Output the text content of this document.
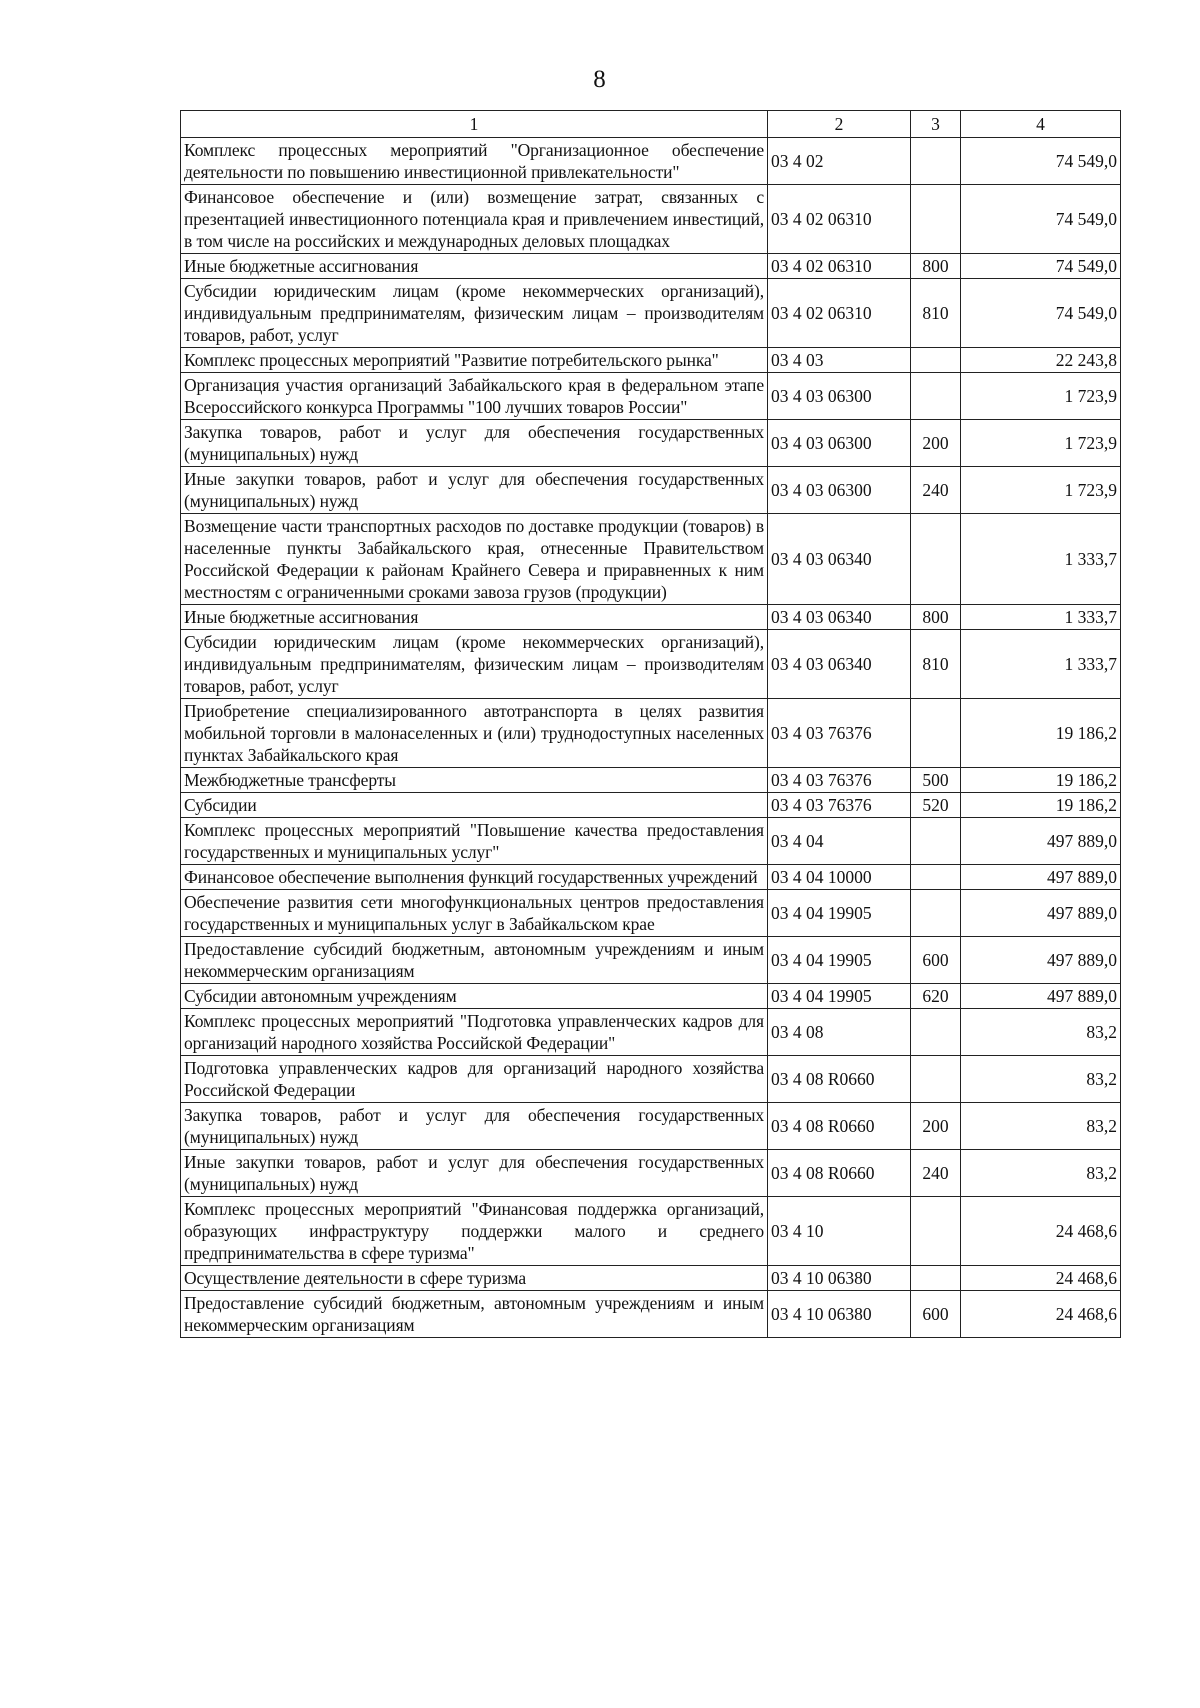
8
1	2	3	4
Комплекс процессных мероприятий "Организационное обеспечение деятельности по повышению инвестиционной привлекательности"	03 4 02		74 549,0
Финансовое обеспечение и (или) возмещение затрат, связанных с презентацией инвестиционного потенциала края и привлечением инвестиций, в том числе на российских и международных деловых площадках	03 4 02 06310		74 549,0
Иные бюджетные ассигнования	03 4 02 06310	800	74 549,0
Субсидии юридическим лицам (кроме некоммерческих организаций), индивидуальным предпринимателям, физическим лицам – производителям товаров, работ, услуг	03 4 02 06310	810	74 549,0
Комплекс процессных мероприятий "Развитие потребительского рынка"	03 4 03		22 243,8
Организация участия организаций Забайкальского края в федеральном этапе Всероссийского конкурса Программы "100 лучших товаров России"	03 4 03 06300		1 723,9
Закупка товаров, работ и услуг для обеспечения государственных (муниципальных) нужд	03 4 03 06300	200	1 723,9
Иные закупки товаров, работ и услуг для обеспечения государственных (муниципальных) нужд	03 4 03 06300	240	1 723,9
Возмещение части транспортных расходов по доставке продукции (товаров) в населенные пункты Забайкальского края, отнесенные Правительством Российской Федерации к районам Крайнего Севера и приравненных к ним местностям с ограниченными сроками завоза грузов (продукции)	03 4 03 06340		1 333,7
Иные бюджетные ассигнования	03 4 03 06340	800	1 333,7
Субсидии юридическим лицам (кроме некоммерческих организаций), индивидуальным предпринимателям, физическим лицам – производителям товаров, работ, услуг	03 4 03 06340	810	1 333,7
Приобретение специализированного автотранспорта в целях развития мобильной торговли в малонаселенных и (или) труднодоступных населенных пунктах Забайкальского края	03 4 03 76376		19 186,2
Межбюджетные трансферты	03 4 03 76376	500	19 186,2
Субсидии	03 4 03 76376	520	19 186,2
Комплекс процессных мероприятий "Повышение качества предоставления государственных и муниципальных услуг"	03 4 04		497 889,0
Финансовое обеспечение выполнения функций государственных учреждений	03 4 04 10000		497 889,0
Обеспечение развития сети многофункциональных центров предоставления государственных и муниципальных услуг в Забайкальском крае	03 4 04 19905		497 889,0
Предоставление субсидий бюджетным, автономным учреждениям и иным некоммерческим организациям	03 4 04 19905	600	497 889,0
Субсидии автономным учреждениям	03 4 04 19905	620	497 889,0
Комплекс процессных мероприятий "Подготовка управленческих кадров для организаций народного хозяйства Российской Федерации"	03 4 08		83,2
Подготовка управленческих кадров для организаций народного хозяйства Российской Федерации	03 4 08 R0660		83,2
Закупка товаров, работ и услуг для обеспечения государственных (муниципальных) нужд	03 4 08 R0660	200	83,2
Иные закупки товаров, работ и услуг для обеспечения государственных (муниципальных) нужд	03 4 08 R0660	240	83,2
Комплекс процессных мероприятий "Финансовая поддержка организаций, образующих инфраструктуру поддержки малого и среднего предпринимательства в сфере туризма"	03 4 10		24 468,6
Осуществление деятельности в сфере туризма	03 4 10 06380		24 468,6
Предоставление субсидий бюджетным, автономным учреждениям и иным некоммерческим организациям	03 4 10 06380	600	24 468,6
